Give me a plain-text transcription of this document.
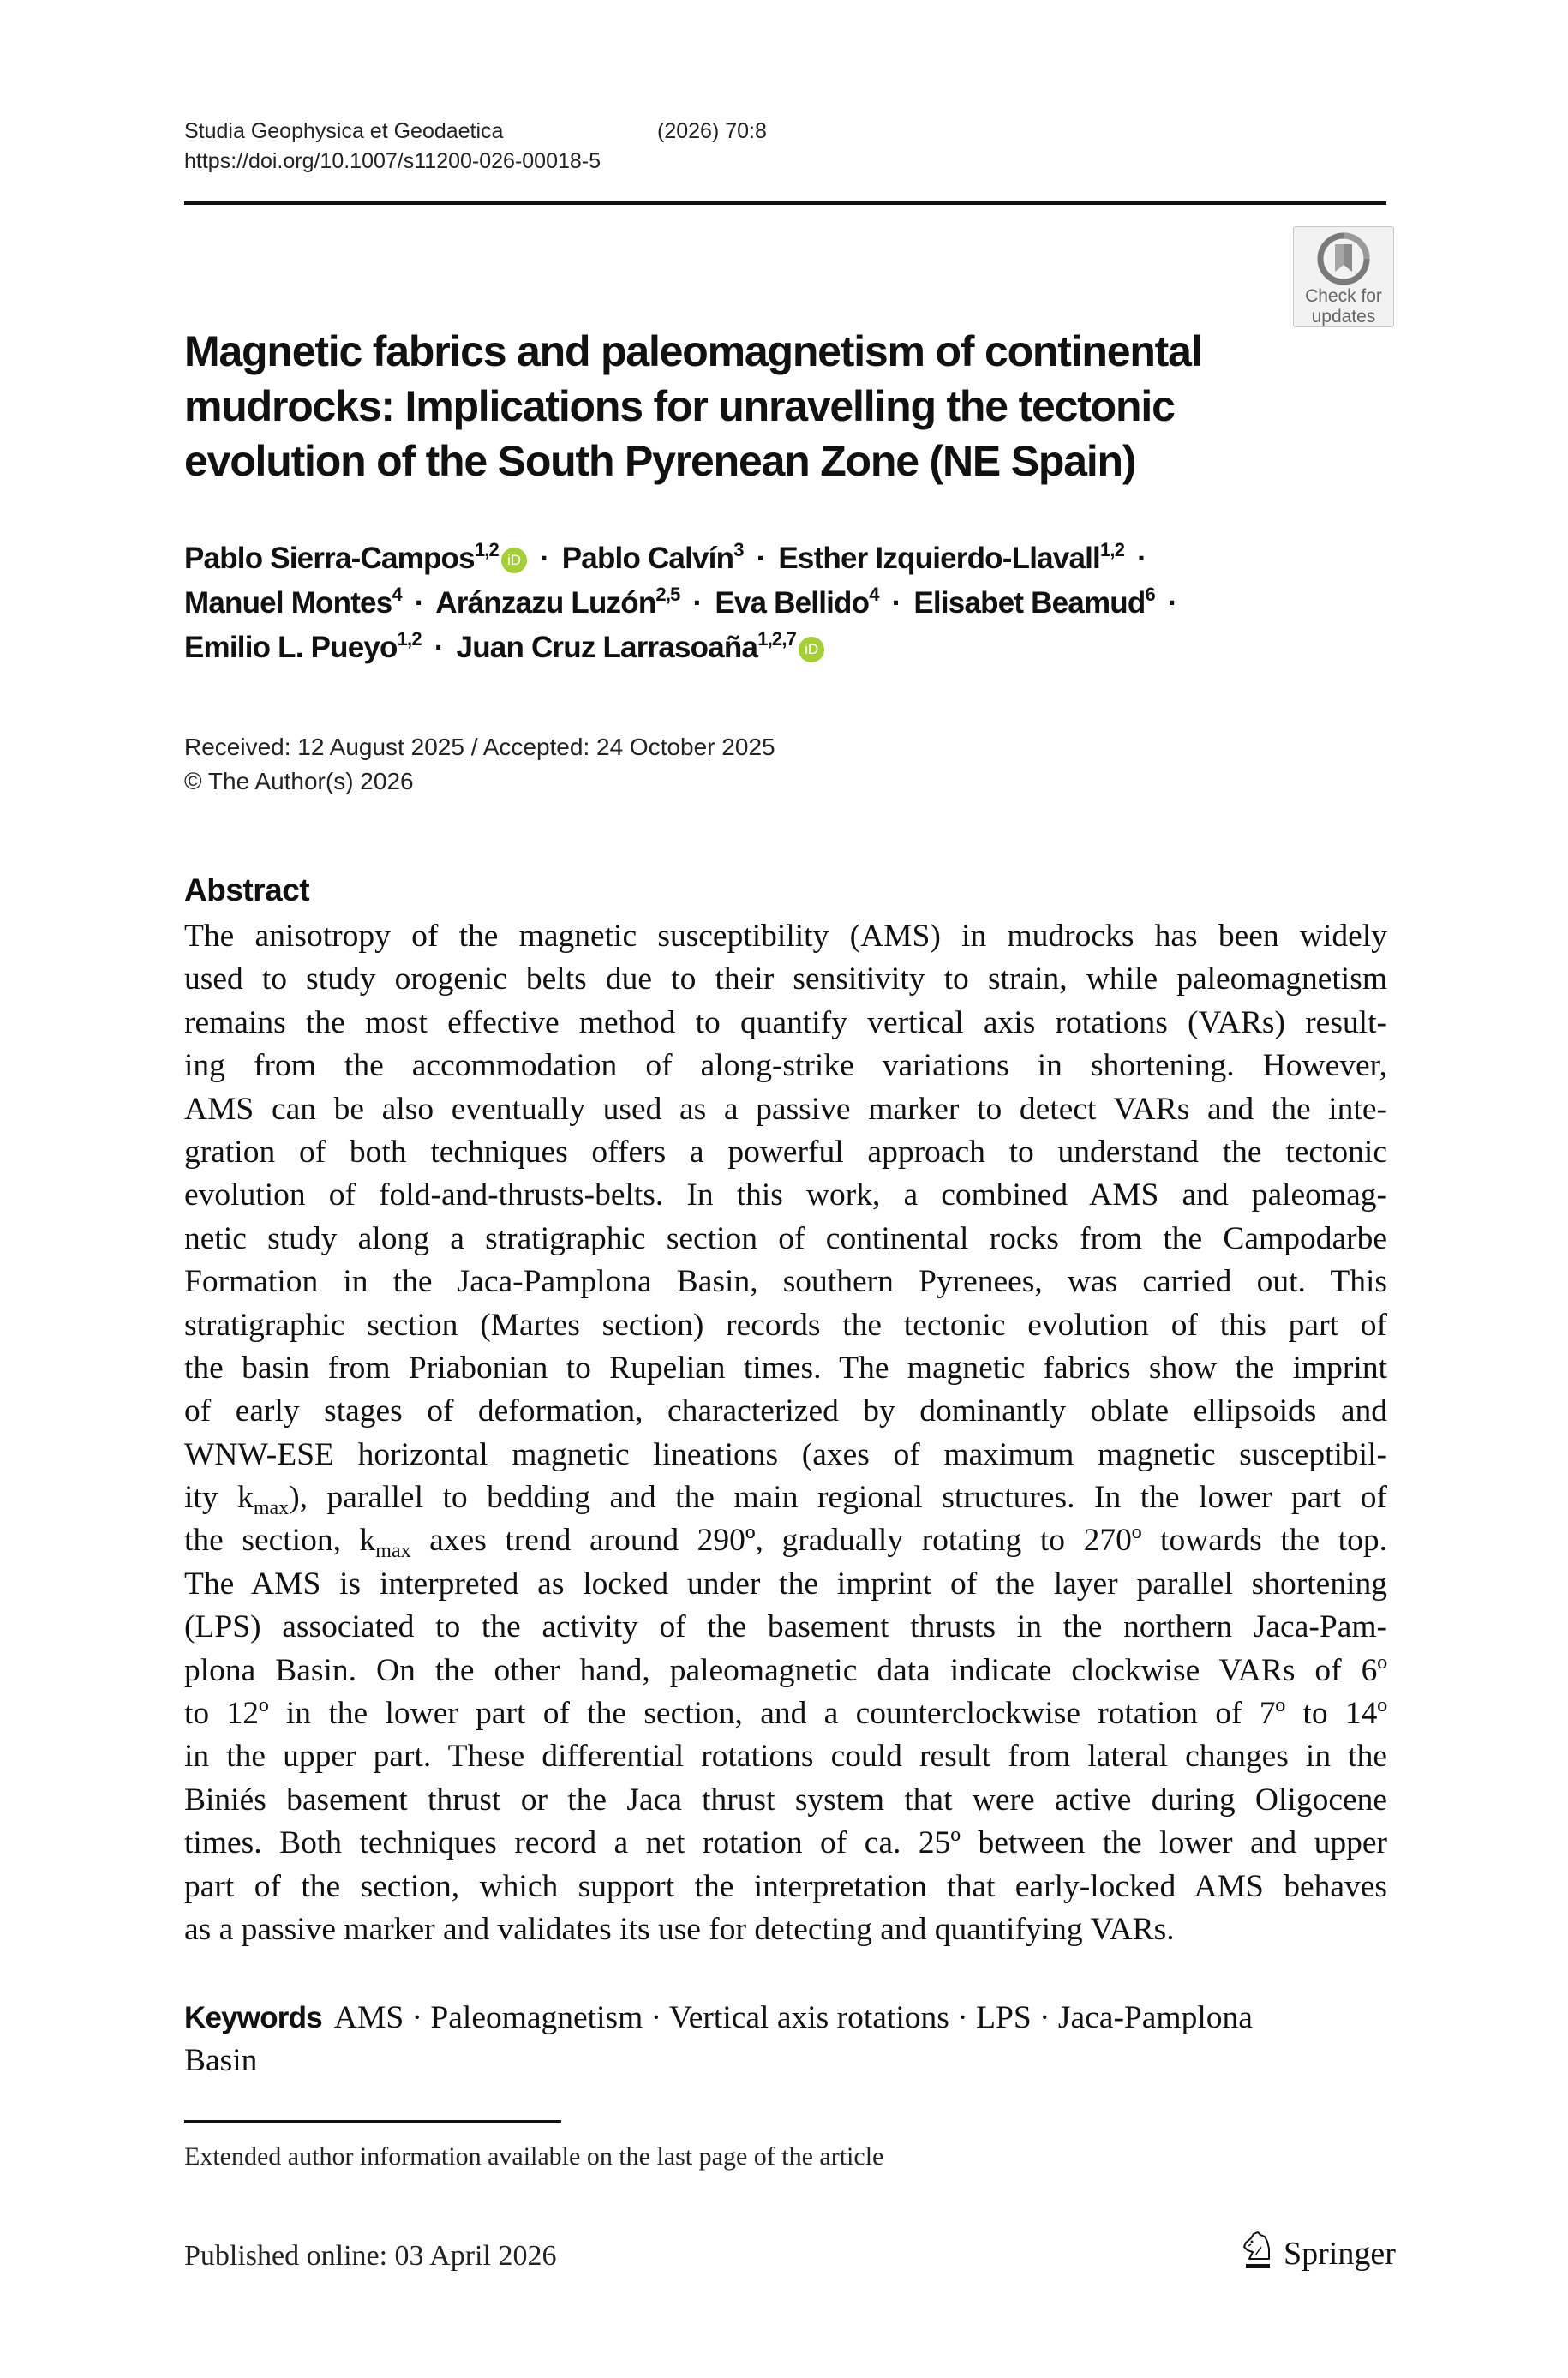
Studia Geophysica et Geodaetica	(2026) 70:8
https://doi.org/10.1007/s11200-026-00018-5
Check for
updates
Magnetic fabrics and paleomagnetism of continental
mudrocks: Implications for unravelling the tectonic
evolution of the South Pyrenean Zone (NE Spain)
Pablo Sierra-Campos$^{1,2}$ iD · Pablo Calvín$^3$ · Esther Izquierdo-Llavall$^{1,2}$ ·
Manuel Montes$^4$ · Aránzazu Luzón$^{2,5}$ · Eva Bellido$^4$ · Elisabet Beamud$^6$ ·
Emilio L. Pueyo$^{1,2}$ · Juan Cruz Larrasoaña$^{1,2,7}$ iD
Received: 12 August 2025 / Accepted: 24 October 2025
© The Author(s) 2026
Abstract
The anisotropy of the magnetic susceptibility (AMS) in mudrocks has been widely
used to study orogenic belts due to their sensitivity to strain, while paleomagnetism
remains the most effective method to quantify vertical axis rotations (VARs) result-
ing from the accommodation of along-strike variations in shortening. However,
AMS can be also eventually used as a passive marker to detect VARs and the inte-
gration of both techniques offers a powerful approach to understand the tectonic
evolution of fold-and-thrusts-belts. In this work, a combined AMS and paleomag-
netic study along a stratigraphic section of continental rocks from the Campodarbe
Formation in the Jaca-Pamplona Basin, southern Pyrenees, was carried out. This
stratigraphic section (Martes section) records the tectonic evolution of this part of
the basin from Priabonian to Rupelian times. The magnetic fabrics show the imprint
of early stages of deformation, characterized by dominantly oblate ellipsoids and
WNW-ESE horizontal magnetic lineations (axes of maximum magnetic susceptibil-
ity $k_{max}$), parallel to bedding and the main regional structures. In the lower part of
the section, $k_{max}$ axes trend around 290º, gradually rotating to 270º towards the top.
The AMS is interpreted as locked under the imprint of the layer parallel shortening
(LPS) associated to the activity of the basement thrusts in the northern Jaca-Pam-
plona Basin. On the other hand, paleomagnetic data indicate clockwise VARs of 6º
to 12º in the lower part of the section, and a counterclockwise rotation of 7º to 14º
in the upper part. These differential rotations could result from lateral changes in the
Biniés basement thrust or the Jaca thrust system that were active during Oligocene
times. Both techniques record a net rotation of ca. 25º between the lower and upper
part of the section, which support the interpretation that early-locked AMS behaves
as a passive marker and validates its use for detecting and quantifying VARs.
Keywords AMS · Paleomagnetism · Vertical axis rotations · LPS · Jaca-Pamplona
Basin
Extended author information available on the last page of the article
Published online: 03 April 2026	Springer
